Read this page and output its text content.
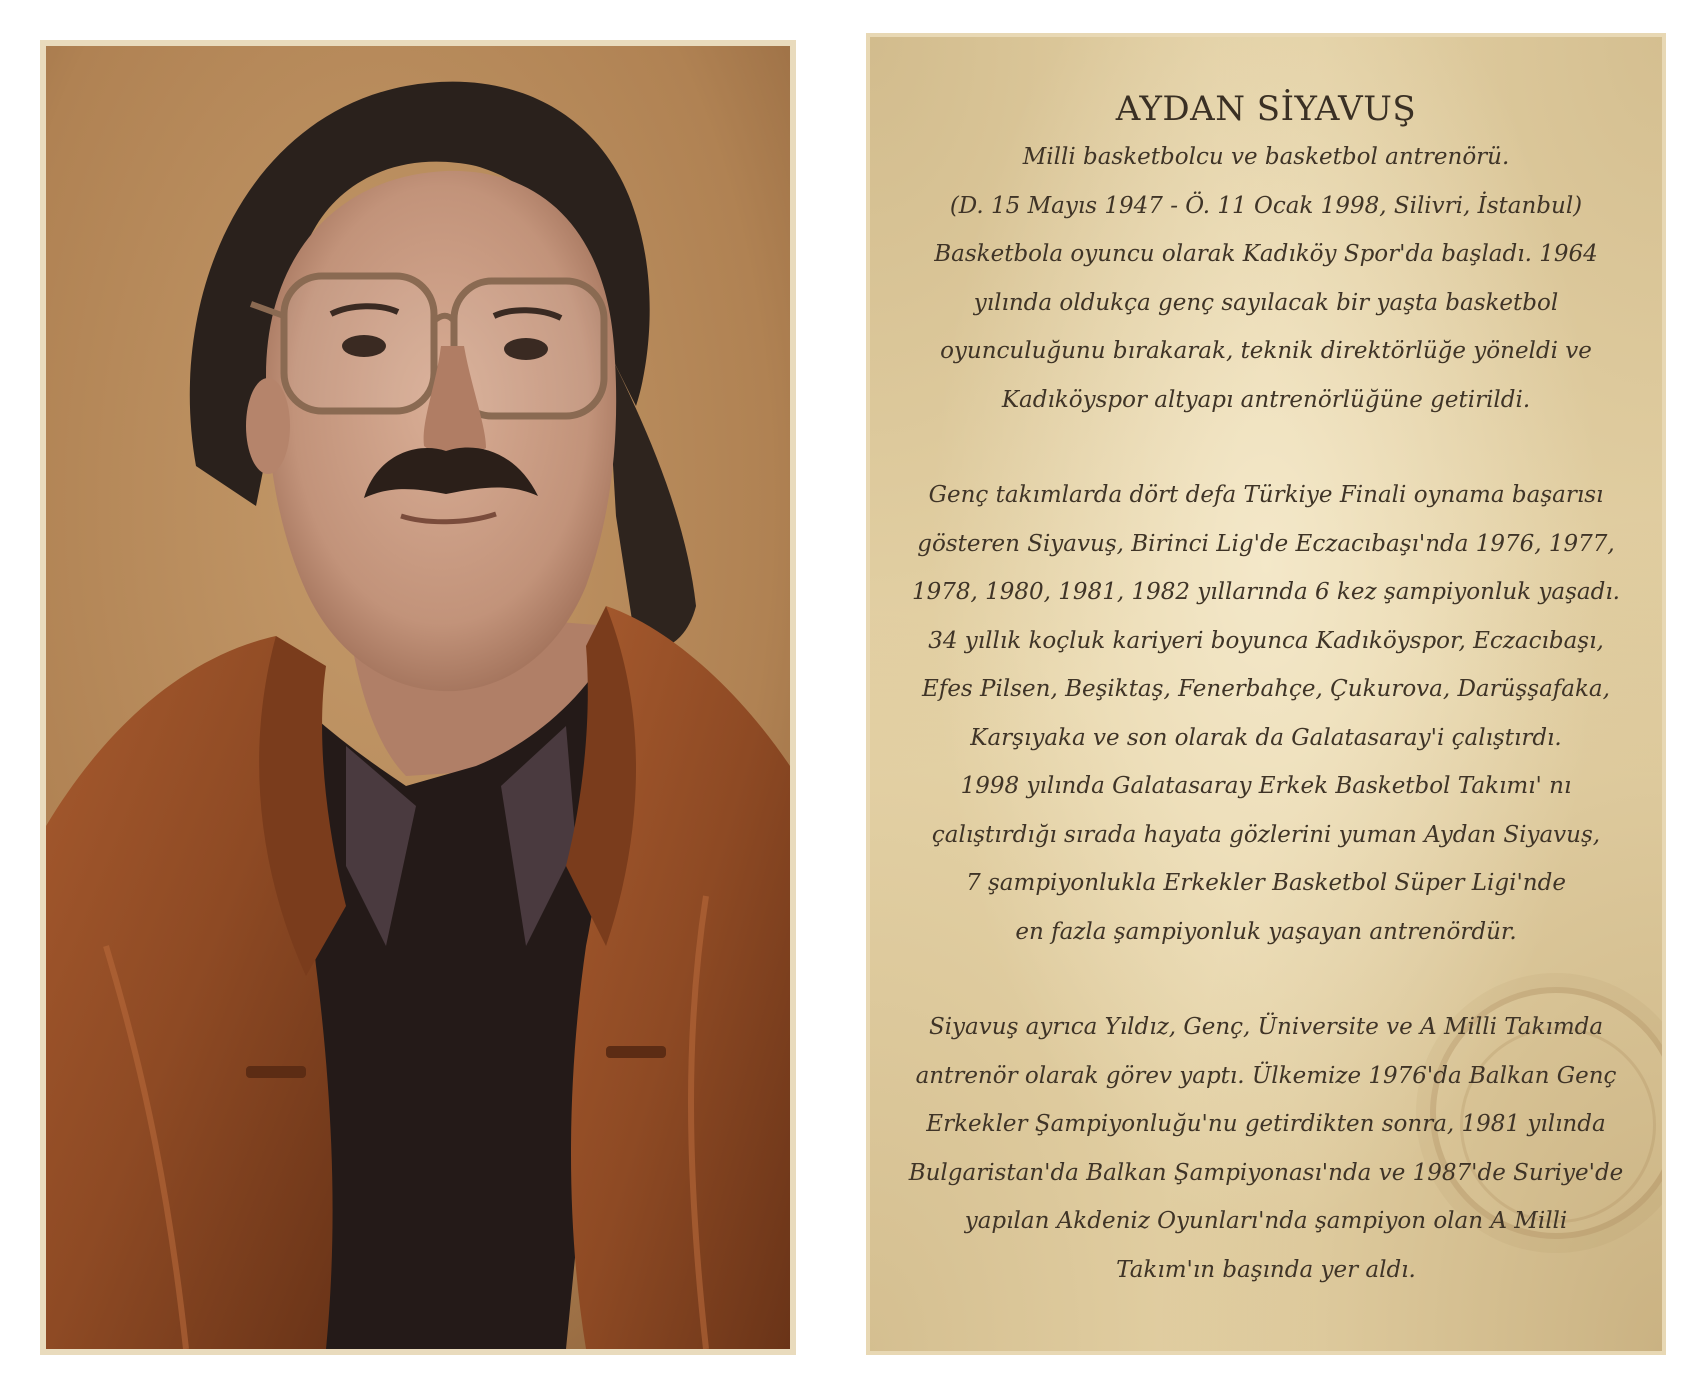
AYDAN SİYAVUŞ
Milli basketbolcu ve basketbol antrenörü.
(D. 15 Mayıs 1947 - Ö. 11 Ocak 1998, Silivri, İstanbul)
Basketbola oyuncu olarak Kadıköy Spor'da başladı. 1964
yılında oldukça genç sayılacak bir yaşta basketbol
oyunculuğunu bırakarak, teknik direktörlüğe yöneldi ve
Kadıköyspor altyapı antrenörlüğüne getirildi.
Genç takımlarda dört defa Türkiye Finali oynama başarısı
gösteren Siyavuş, Birinci Lig'de Eczacıbaşı'nda 1976, 1977,
1978, 1980, 1981, 1982 yıllarında 6 kez şampiyonluk yaşadı.
34 yıllık koçluk kariyeri boyunca Kadıköyspor, Eczacıbaşı,
Efes Pilsen, Beşiktaş, Fenerbahçe, Çukurova, Darüşşafaka,
Karşıyaka ve son olarak da Galatasaray'i çalıştırdı.
1998 yılında Galatasaray Erkek Basketbol Takımı' nı
çalıştırdığı sırada hayata gözlerini yuman Aydan Siyavuş,
7 şampiyonlukla Erkekler Basketbol Süper Ligi'nde
en fazla şampiyonluk yaşayan antrenördür.
Siyavuş ayrıca Yıldız, Genç, Üniversite ve A Milli Takımda
antrenör olarak görev yaptı. Ülkemize 1976'da Balkan Genç
Erkekler Şampiyonluğu'nu getirdikten sonra, 1981 yılında
Bulgaristan'da Balkan Şampiyonası'nda ve 1987'de Suriye'de
yapılan Akdeniz Oyunları'nda şampiyon olan A Milli
Takım'ın başında yer aldı.
